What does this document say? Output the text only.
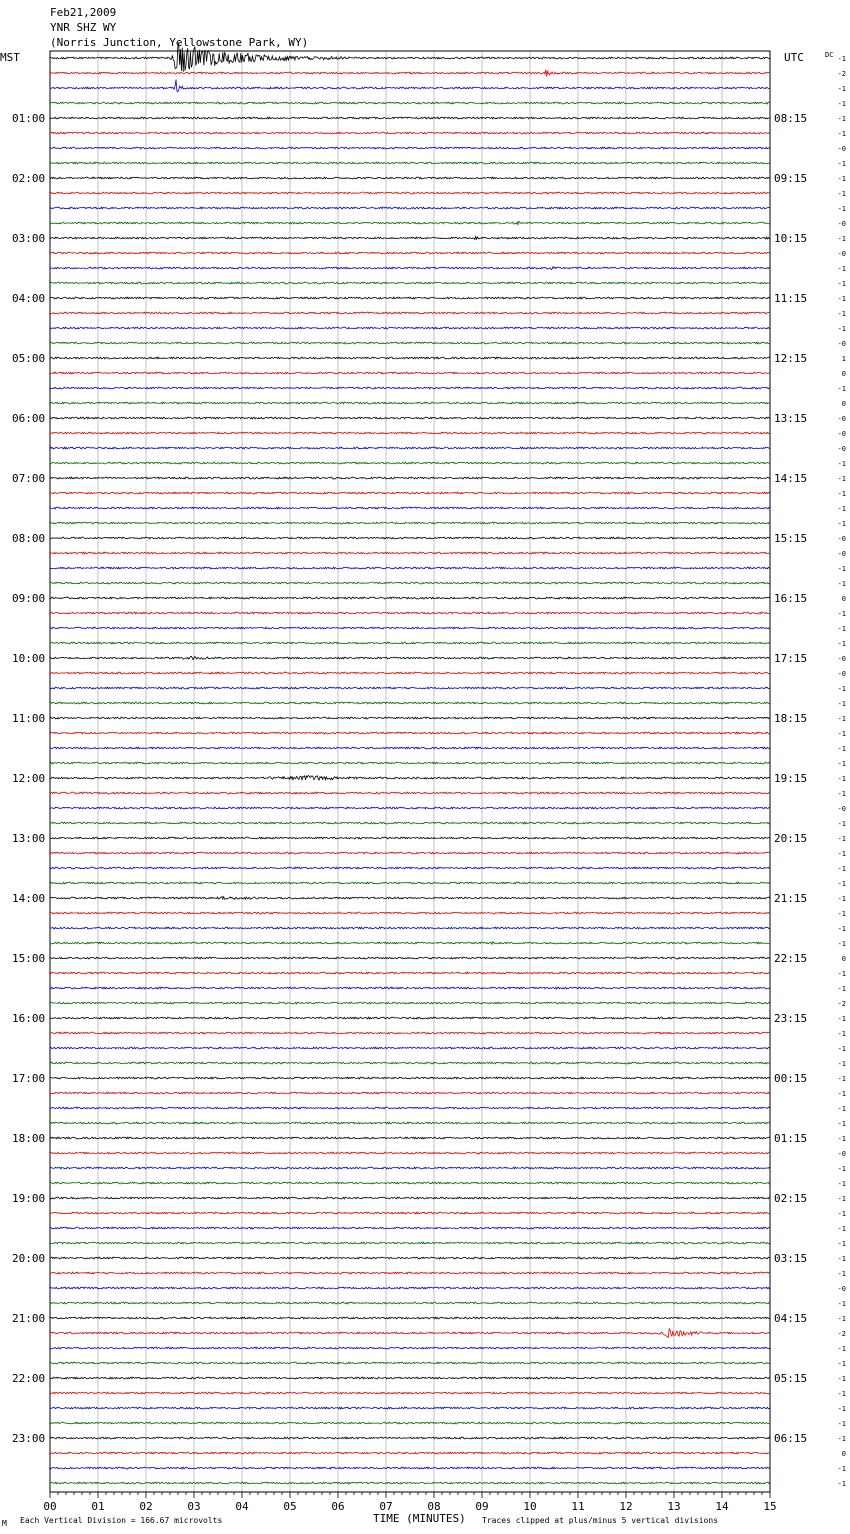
Feb21,2009
YNR SHZ WY
(Norris Junction, Yellowstone Park, WY)
MST	UTC	DC
01:00
02:00
03:00
04:00
05:00
06:00
07:00
08:00
09:00
10:00
11:00
12:00
13:00
14:00
15:00
16:00
17:00
18:00
19:00
20:00
21:00
22:00
23:00
08:15
09:15
10:15
11:15
12:15
13:15
14:15
15:15
16:15
17:15
18:15
19:15
20:15
21:15
22:15
23:15
00:15
01:15
02:15
03:15
04:15
05:15
06:15
-1
-2
-1
-1
-1
-1
-0
-1
-1
-1
-1
-0
-1
-0
-1
-1
-1
-1
-1
-0
1
0
-1
0
-0
-0
-0
-1
-1
-1
-1
-1
-0
-0
-1
-1
0
-1
-1
-1
-0
-0
-1
-1
-1
-1
-1
-1
-1
-1
-0
-1
-1
-1
-1
-1
-1
-1
-1
-1
0
-1
-1
-2
-1
-1
-1
-1
-1
-1
-1
-1
-1
-0
-1
-1
-1
-1
-1
-1
-1
-1
-0
-1
-1
-2
-1
-1
-1
-1
-1
-1
-1
0
-1
-1
00	01	02	03	04	05	06	07	08	09	10	11	12	13	14	15
TIME (MINUTES)
Each Vertical Division = 166.67 microvolts	Traces clipped at plus/minus 5 vertical divisions
M
